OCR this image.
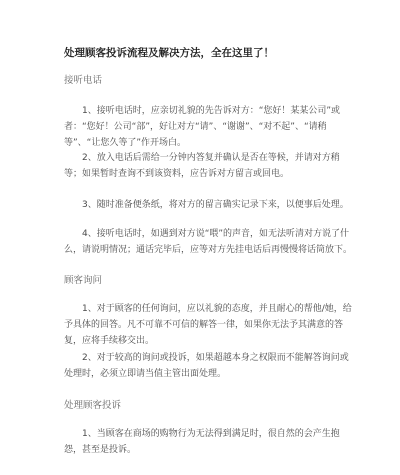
处理顾客投诉流程及解决方法，全在这里了！
接听电话

1、接听电话时，应亲切礼貌的先告诉对方：“您好！某某公司”或者：“您好！公司“部”，好让对方“请”、“谢谢”、“对不起”、“请稍等”、“让您久等了”作开场白。

2、放入电话后需给一分钟内答复并确认是否在等候，并请对方稍等；如果暂时查询不到该资料，应告诉对方留言或回电。

3、随时准备便条纸，将对方的留言确实记录下来，以便事后处理。

4、接听电话时，如遇到对方说“喂”的声音，如无法听清对方说了什么，请说明情况；通话完毕后，应等对方先挂电话后再慢慢将话筒放下。

顾客询问

1、对于顾客的任何询问，应以礼貌的态度，并且耐心的帮他/她，给予具体的回答。凡不可靠不可信的解答一律，如果你无法予其满意的答复，应将手续移交出。

2、对于较高的询问或投诉，如果超越本身之权限而不能解答询问或处理时，必须立即请当值主管出面处理。

处理顾客投诉

1、当顾客在商场的购物行为无法得到满足时，很自然的会产生抱怨，甚至是投诉。
